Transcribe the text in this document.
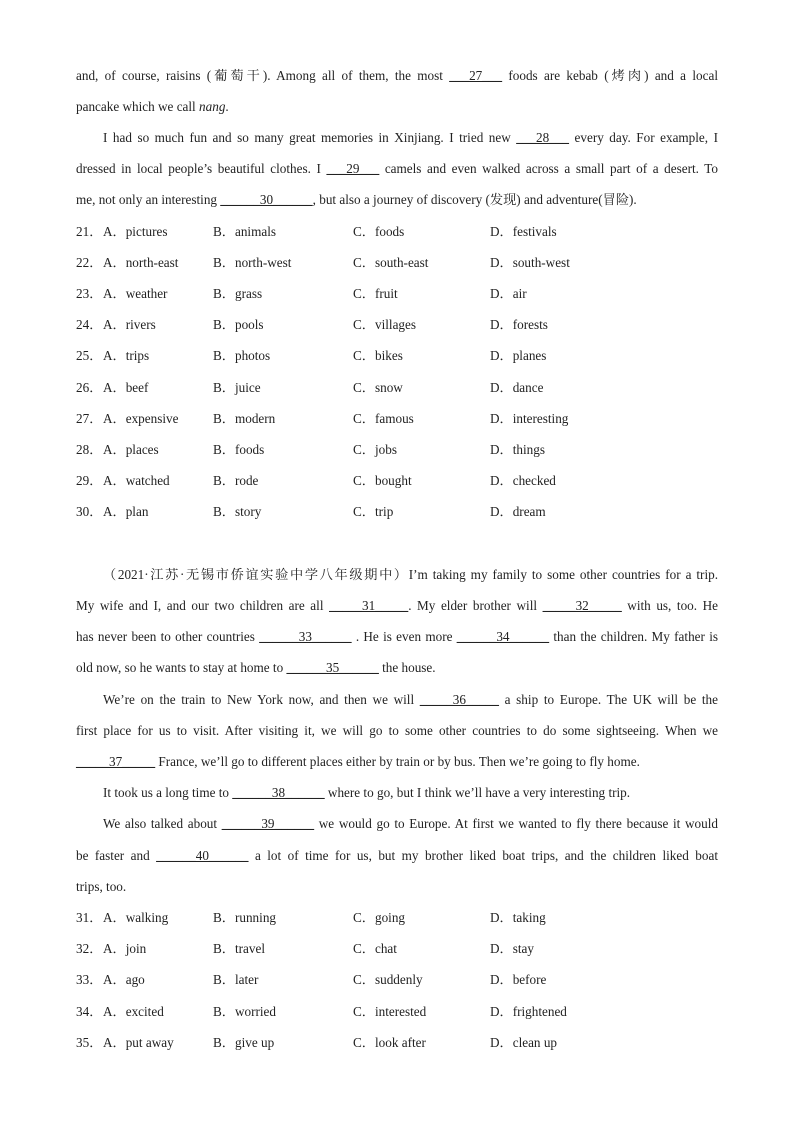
and, of course, raisins (葡萄干). Among all of them, the most ___27___ foods are kebab (烤肉) and a local
pancake which we call nang.
I had so much fun and so many great memories in Xinjiang. I tried new ___28___ every day. For example, I
dressed in local people’s beautiful clothes. I ___29___ camels and even walked across a small part of a desert. To
me, not only an interesting ______30______, but also a journey of discovery (发现) and adventure(冒险).
21． A．pictures	B．animals	C．foods	D．festivals
22． A．north-east	B．north-west	C．south-east	D．south-west
23． A．weather	B．grass	C．fruit	D．air
24． A．rivers	B．pools	C．villages	D．forests
25． A．trips	B．photos	C．bikes	D．planes
26． A．beef	B．juice	C．snow	D．dance
27． A．expensive	B．modern	C．famous	D．interesting
28． A．places	B．foods	C．jobs	D．things
29． A．watched	B．rode	C．bought	D．checked
30． A．plan	B．story	C．trip	D．dream
（2021·江苏·无锡市侨谊实验中学八年级期中）I’m taking my family to some other countries for a trip.
My wife and I, and our two children are all _____31_____. My elder brother will _____32_____ with us, too. He
has never been to other countries ______33______ . He is even more ______34______ than the children. My father is
old now, so he wants to stay at home to ______35______ the house.
We’re on the train to New York now, and then we will _____36_____ a ship to Europe. The UK will be the
first place for us to visit. After visiting it, we will go to some other countries to do some sightseeing. When we
_____37_____ France, we’ll go to different places either by train or by bus. Then we’re going to fly home.
It took us a long time to ______38______ where to go, but I think we’ll have a very interesting trip.
We also talked about ______39______ we would go to Europe. At first we wanted to fly there because it would
be faster and ______40______ a lot of time for us, but my brother liked boat trips, and the children liked boat
trips, too.
31． A．walking	B．running	C．going	D．taking
32． A．join	B．travel	C．chat	D．stay
33． A．ago	B．later	C．suddenly	D．before
34． A．excited	B．worried	C．interested	D．frightened
35． A．put away	B．give up	C．look after	D．clean up
